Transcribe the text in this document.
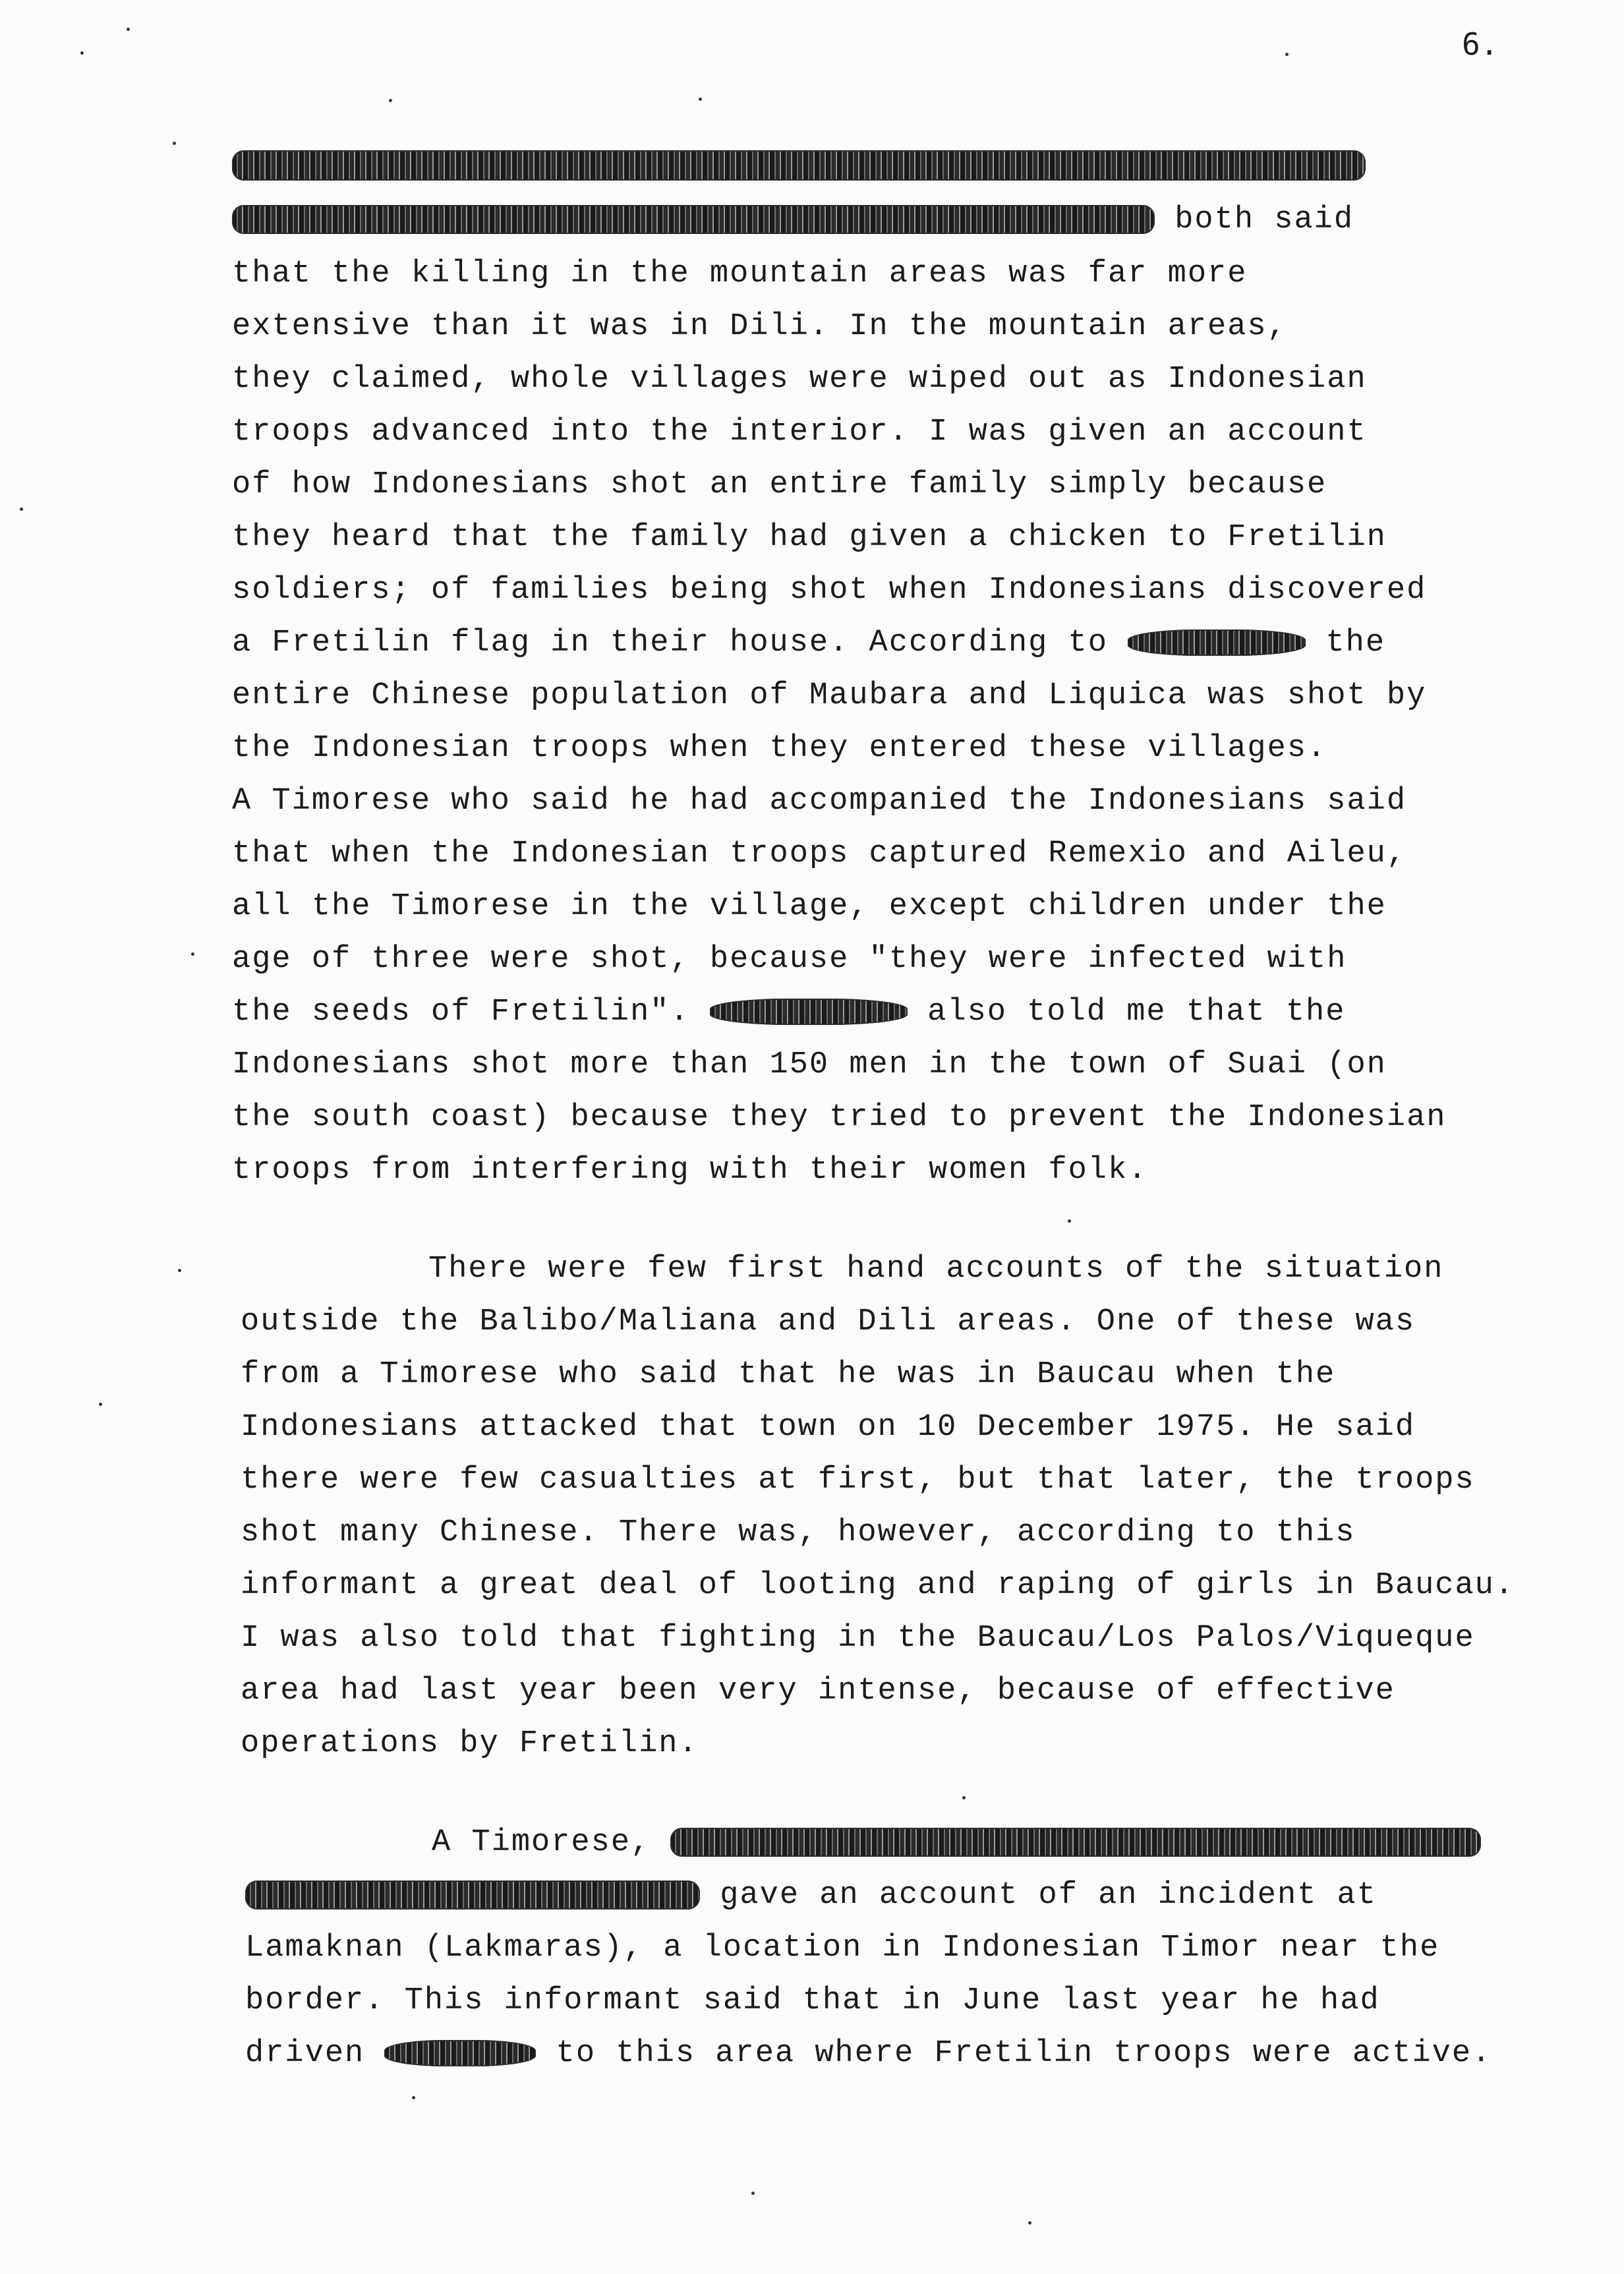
6.

both said

that the killing in the mountain areas was far more

extensive than it was in Dili. In the mountain areas,

they claimed, whole villages were wiped out as Indonesian

troops advanced into the interior. I was given an account

of how Indonesians shot an entire family simply because

they heard that the family had given a chicken to Fretilin

soldiers; of families being shot when Indonesians discovered

a Fretilin flag in their house. According to	the

entire Chinese population of Maubara and Liquica was shot by

the Indonesian troops when they entered these villages.

A Timorese who said he had accompanied the Indonesians said

that when the Indonesian troops captured Remexio and Aileu,

all the Timorese in the village, except children under the

age of three were shot, because "they were infected with

the seeds of Fretilin".	also told me that the

Indonesians shot more than 150 men in the town of Suai (on

the south coast) because they tried to prevent the Indonesian

troops from interfering with their women folk.

There were few first hand accounts of the situation

outside the Balibo/Maliana and Dili areas. One of these was

from a Timorese who said that he was in Baucau when the

Indonesians attacked that town on 10 December 1975. He said

there were few casualties at first, but that later, the troops

shot many Chinese. There was, however, according to this

informant a great deal of looting and raping of girls in Baucau.

I was also told that fighting in the Baucau/Los Palos/Viqueque

area had last year been very intense, because of effective

operations by Fretilin.

A Timorese,

gave an account of an incident at

Lamaknan (Lakmaras), a location in Indonesian Timor near the

border. This informant said that in June last year he had

driven	to this area where Fretilin troops were active.
